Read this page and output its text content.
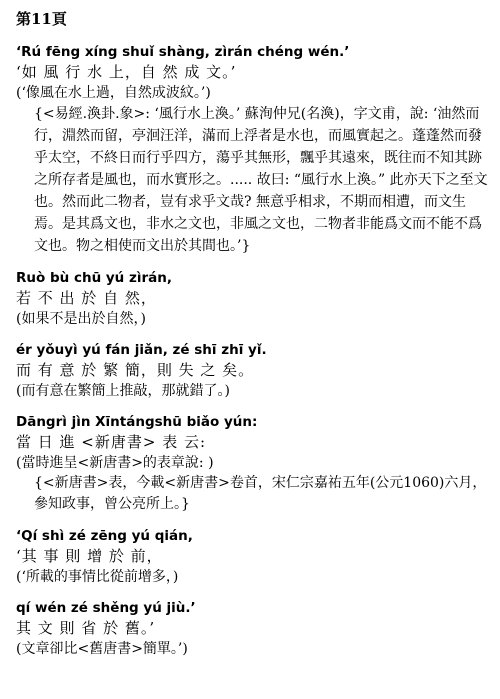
第11頁
‘Rú fēng xíng shuǐ shàng, zìrán chéng wén.’
‘如 風 行 水 上，自 然 成 文。’
(‘像風在水上過，自然成波紋。’)
{<易經.渙卦.象>: ‘風行水上渙。’ 蘇洵仲兄(名渙)，字文甫，說: ‘油然而行，淵然而留，亭洄汪洋，滿而上浮者是水也，而風實起之。蓬蓬然而發乎太空，不終日而行乎四方，蕩乎其無形，飄乎其遠來，既往而不知其跡之所存者是風也，而水實形之。..... 故曰: “風行水上渙。” 此亦天下之至文也。然而此二物者，豈有求乎文哉? 無意乎相求，不期而相遭，而文生焉。是其爲文也，非水之文也，非風之文也，二物者非能爲文而不能不爲文也。物之相使而文出於其間也。’}
Ruò bù chū yú zìrán,
若 不 出 於 自 然，
(如果不是出於自然，)
ér yǒuyì yú fán jiǎn, zé shī zhī yǐ.
而 有 意 於 繁 簡，則 失 之 矣。
(而有意在繁簡上推敲，那就錯了。)
Dāngrì jìn Xīntángshū biǎo yún:
當 日 進 <新唐書> 表 云:
(當時進呈<新唐書>的表章說: )
{<新唐書>表，今載<新唐書>卷首，宋仁宗嘉祐五年(公元1060)六月，參知政事，曾公亮所上。}
‘Qí shì zé zēng yú qián,
‘其 事 則 增 於 前，
(‘所載的事情比從前增多，)
qí wén zé shěng yú jiù.’
其 文 則 省 於 舊。’
(文章卻比<舊唐書>簡單。’)
